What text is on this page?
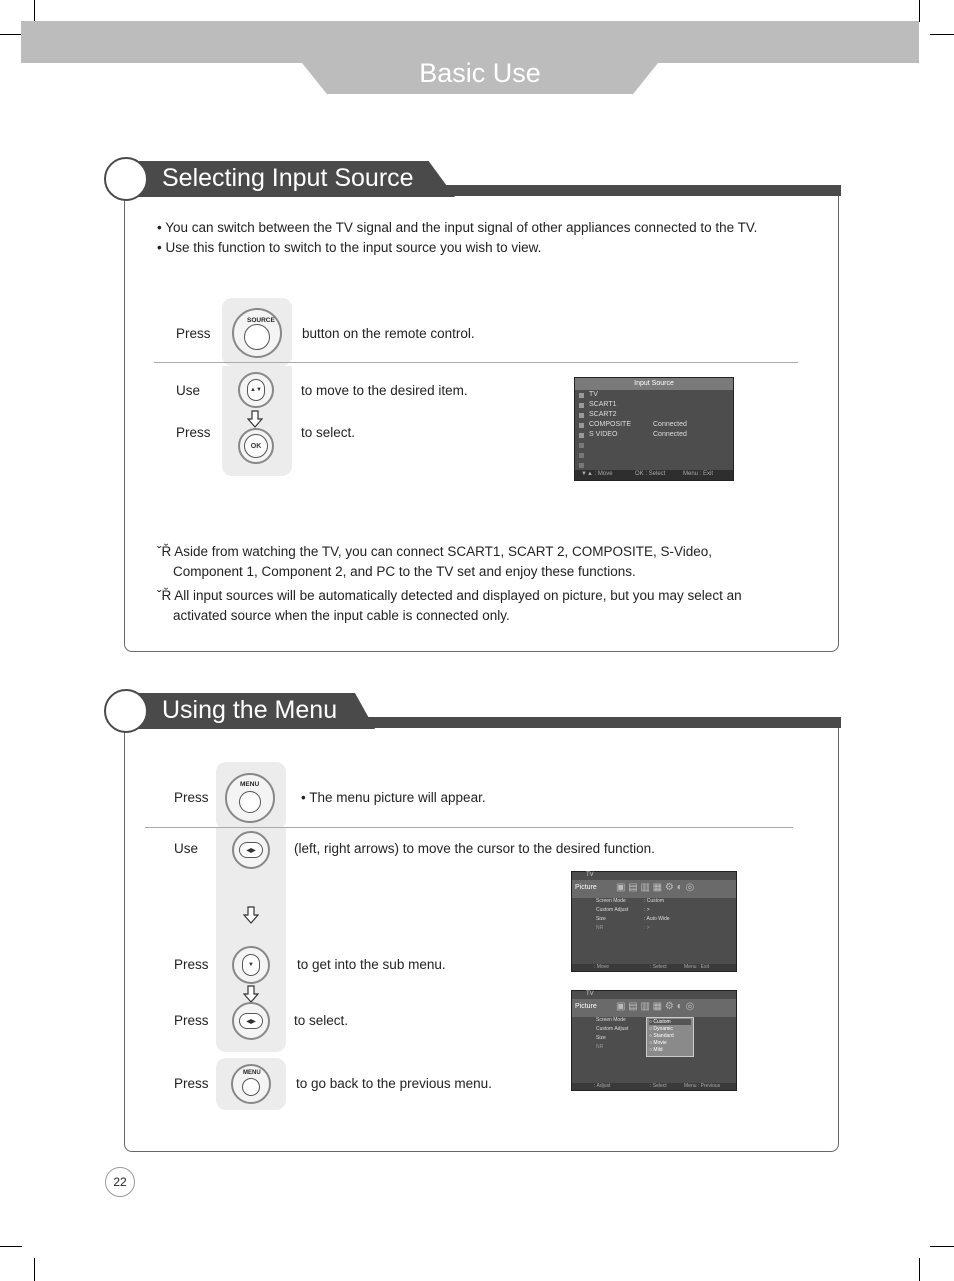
Basic Use
Selecting Input Source
• You can switch between the TV signal and the input signal of other appliances connected to the TV.
• Use this function to switch to the input source you wish to view.
Press
SOURCE
button on the remote control.
Use	▲▼	to move to the desired item.
Press
OK
to select.
Input Source
TV
SCART1
SCART2
COMPOSITE	Connected
S VIDEO	Connected
▼▲ : Move	OK : Select	Menu : Exit
ˇŘ Aside from watching the TV, you can connect SCART1, SCART 2, COMPOSITE, S-Video,
Component 1, Component 2, and PC to the TV set and enjoy these functions.
ˇŘ All input sources will be automatically detected and displayed on picture, but you may select an
activated source when the input cable is connected only.
Using the Menu
Press
MENU
• The menu picture will appear.
Use	◀▶	(left, right arrows) to move the cursor to the desired function.
Press	▼	to get into the sub menu.
Press	◀▶	to select.
Press
MENU
to go back to the previous menu.
TV
Picture ▣ ▤ ▥ ▦ ⚙ ◐ ◎
Screen Mode	: Custom
Custom Adjust	: >
Size	: Auto Wide
NR	: >
: Move	: Select	Menu : Exit
TV
Picture ▣ ▤ ▥ ▦ ⚙ ◐ ◎
Screen Mode
Custom Adjust
Size
NR
○ Custom
○ Dynamic
○ Standard
○ Movie
○ Mild
: Adjust	: Select	Menu : Previous
22
